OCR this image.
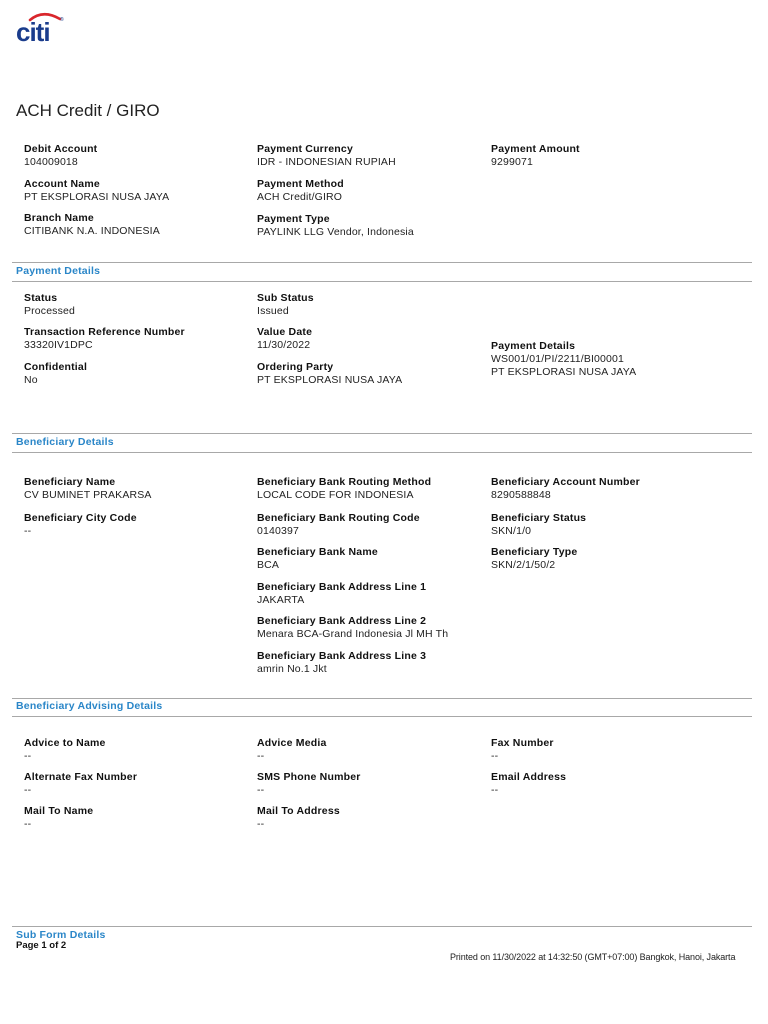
citi ®
ACH Credit / GIRO
Debit Account
104009018
Payment Currency
IDR - INDONESIAN RUPIAH
Payment Amount
9299071
Account Name
PT EKSPLORASI NUSA JAYA
Payment Method
ACH Credit/GIRO
Branch Name
CITIBANK N.A. INDONESIA
Payment Type
PAYLINK LLG Vendor, Indonesia
Payment Details
Status
Processed
Sub Status
Issued
Transaction Reference Number
33320IV1DPC
Value Date
11/30/2022	Payment Details
WS001/01/PI/2211/BI00001
PT EKSPLORASI NUSA JAYA
Confidential
No
Ordering Party
PT EKSPLORASI NUSA JAYA
Beneficiary Details
Beneficiary Name
CV BUMINET PRAKARSA
Beneficiary Bank Routing Method
LOCAL CODE FOR INDONESIA
Beneficiary Account Number
8290588848
Beneficiary City Code
--
Beneficiary Bank Routing Code
0140397
Beneficiary Status
SKN/1/0
Beneficiary Bank Name
BCA
Beneficiary Type
SKN/2/1/50/2
Beneficiary Bank Address Line 1
JAKARTA
Beneficiary Bank Address Line 2
Menara BCA-Grand Indonesia Jl MH Th
Beneficiary Bank Address Line 3
amrin No.1 Jkt
Beneficiary Advising Details
Advice to Name
--
Advice Media
--
Fax Number
--
Alternate Fax Number
--
SMS Phone Number
--
Email Address
--
Mail To Name
--
Mail To Address
--
Sub Form Details
Page 1 of 2
Printed on 11/30/2022 at 14:32:50 (GMT+07:00) Bangkok, Hanoi, Jakarta
